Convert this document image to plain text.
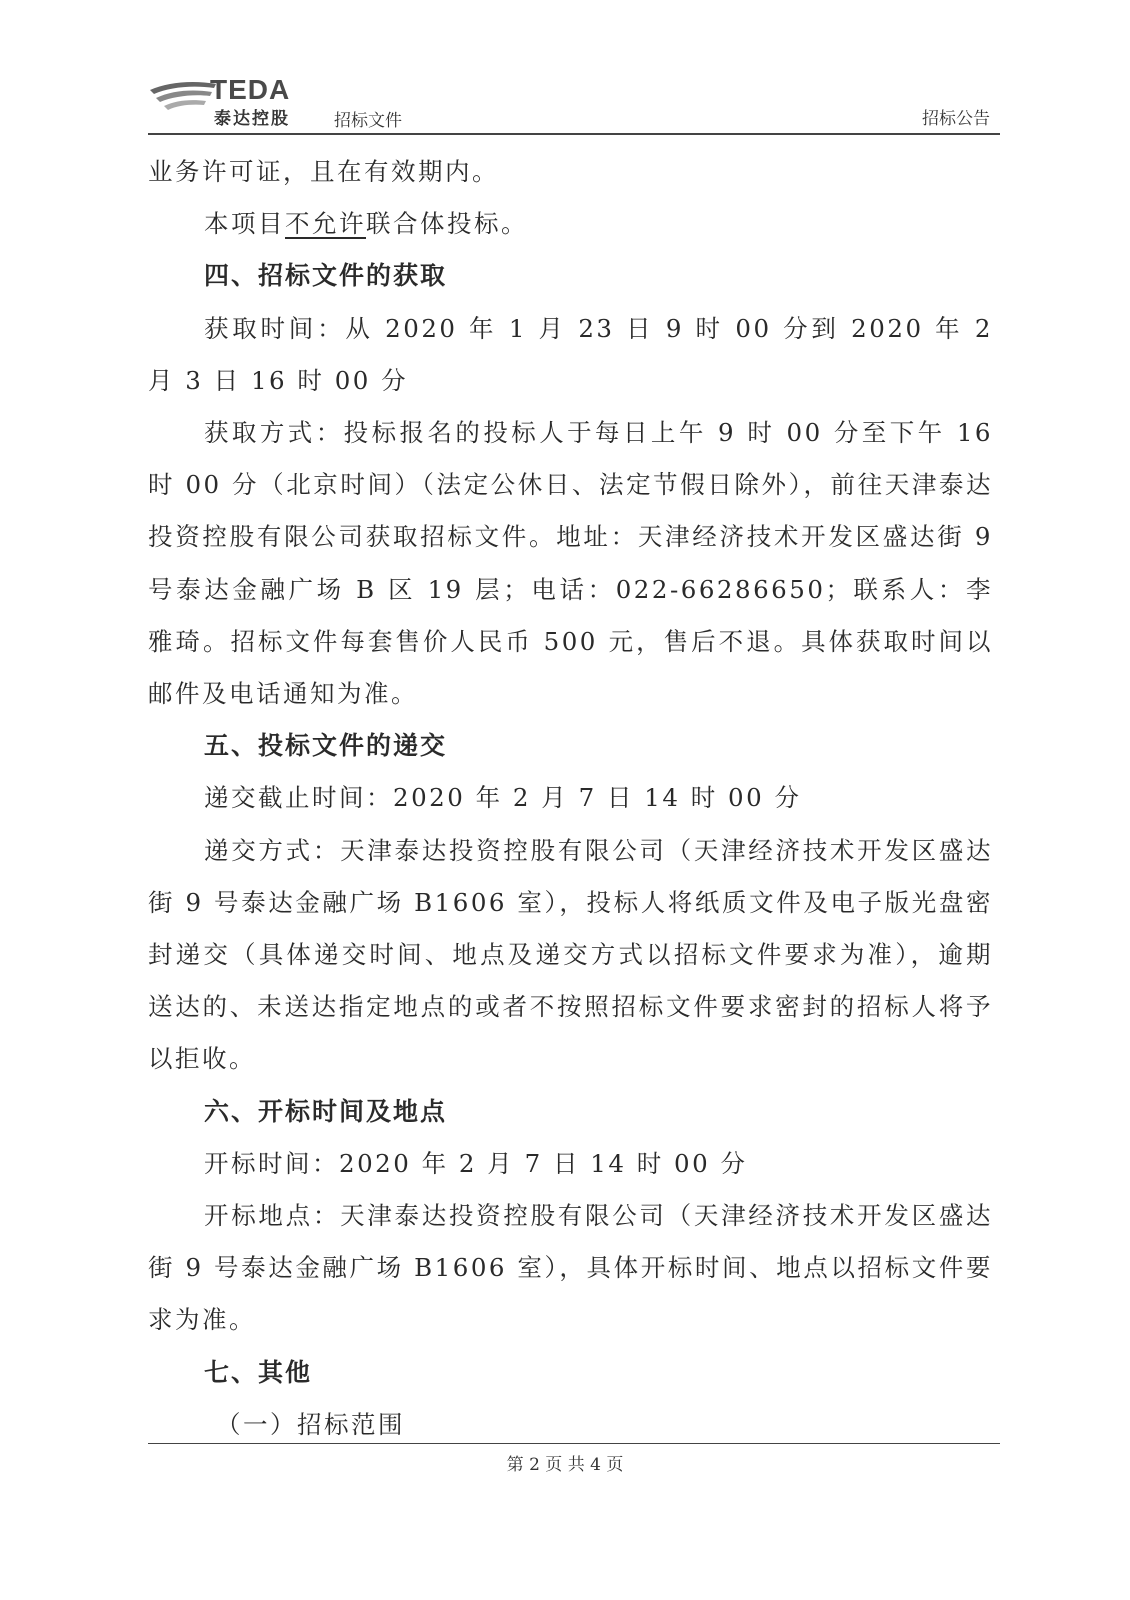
TEDA
泰达控股	招标文件	招标公告

业务许可证，且在有效期内。

本项目不允许联合体投标。

四、招标文件的获取

获取时间：从 2020 年 1 月 23 日 9 时 00 分到 2020 年 2 月 3 日 16 时 00 分

获取方式：投标报名的投标人于每日上午 9 时 00 分至下午 16 时 00 分（北京时间）（法定公休日、法定节假日除外），前往天津泰达投资控股有限公司获取招标文件。地址：天津经济技术开发区盛达街 9 号泰达金融广场 B 区 19 层；电话：022-66286650；联系人：李雅琦。招标文件每套售价人民币 500 元，售后不退。具体获取时间以邮件及电话通知为准。

五、投标文件的递交

递交截止时间：2020 年 2 月 7 日 14 时 00 分

递交方式：天津泰达投资控股有限公司（天津经济技术开发区盛达街 9 号泰达金融广场 B1606 室），投标人将纸质文件及电子版光盘密封递交（具体递交时间、地点及递交方式以招标文件要求为准），逾期送达的、未送达指定地点的或者不按照招标文件要求密封的招标人将予以拒收。

六、开标时间及地点

开标时间：2020 年 2 月 7 日 14 时 00 分

开标地点：天津泰达投资控股有限公司（天津经济技术开发区盛达街 9 号泰达金融广场 B1606 室），具体开标时间、地点以招标文件要求为准。

七、其他

（一）招标范围

第 2 页 共 4 页
